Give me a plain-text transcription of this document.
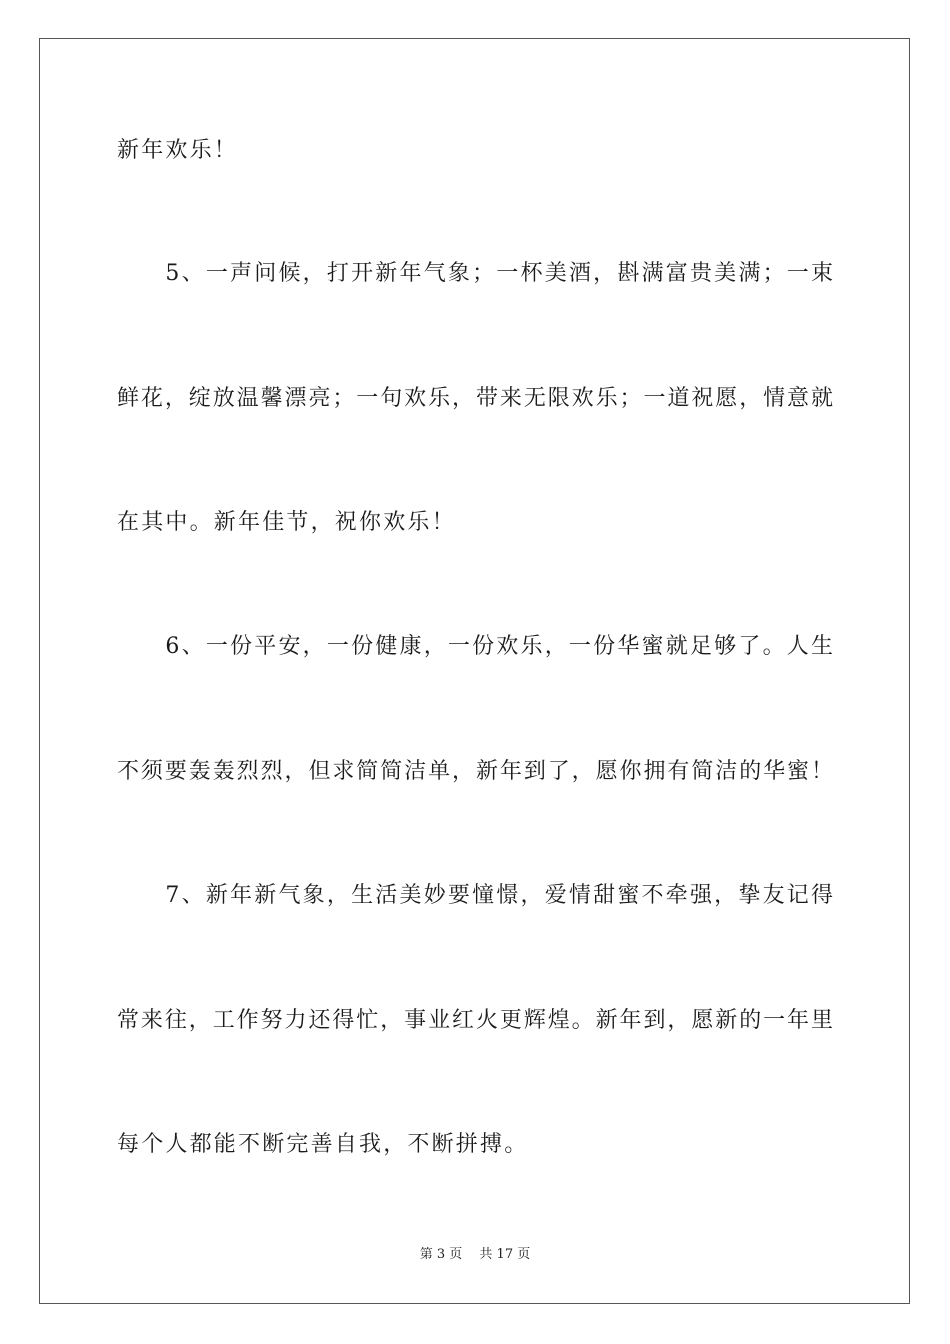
新年欢乐！
　　5、一声问候，打开新年气象；一杯美酒，斟满富贵美满；一束
鲜花，绽放温馨漂亮；一句欢乐，带来无限欢乐；一道祝愿，情意就
在其中。新年佳节，祝你欢乐！
　　6、一份平安，一份健康，一份欢乐，一份华蜜就足够了。人生
不须要轰轰烈烈，但求简简洁单，新年到了，愿你拥有简洁的华蜜！
　　7、新年新气象，生活美妙要憧憬，爱情甜蜜不牵强，挚友记得
常来往，工作努力还得忙，事业红火更辉煌。新年到，愿新的一年里
每个人都能不断完善自我，不断拼搏。
第 3 页　 共 17 页
